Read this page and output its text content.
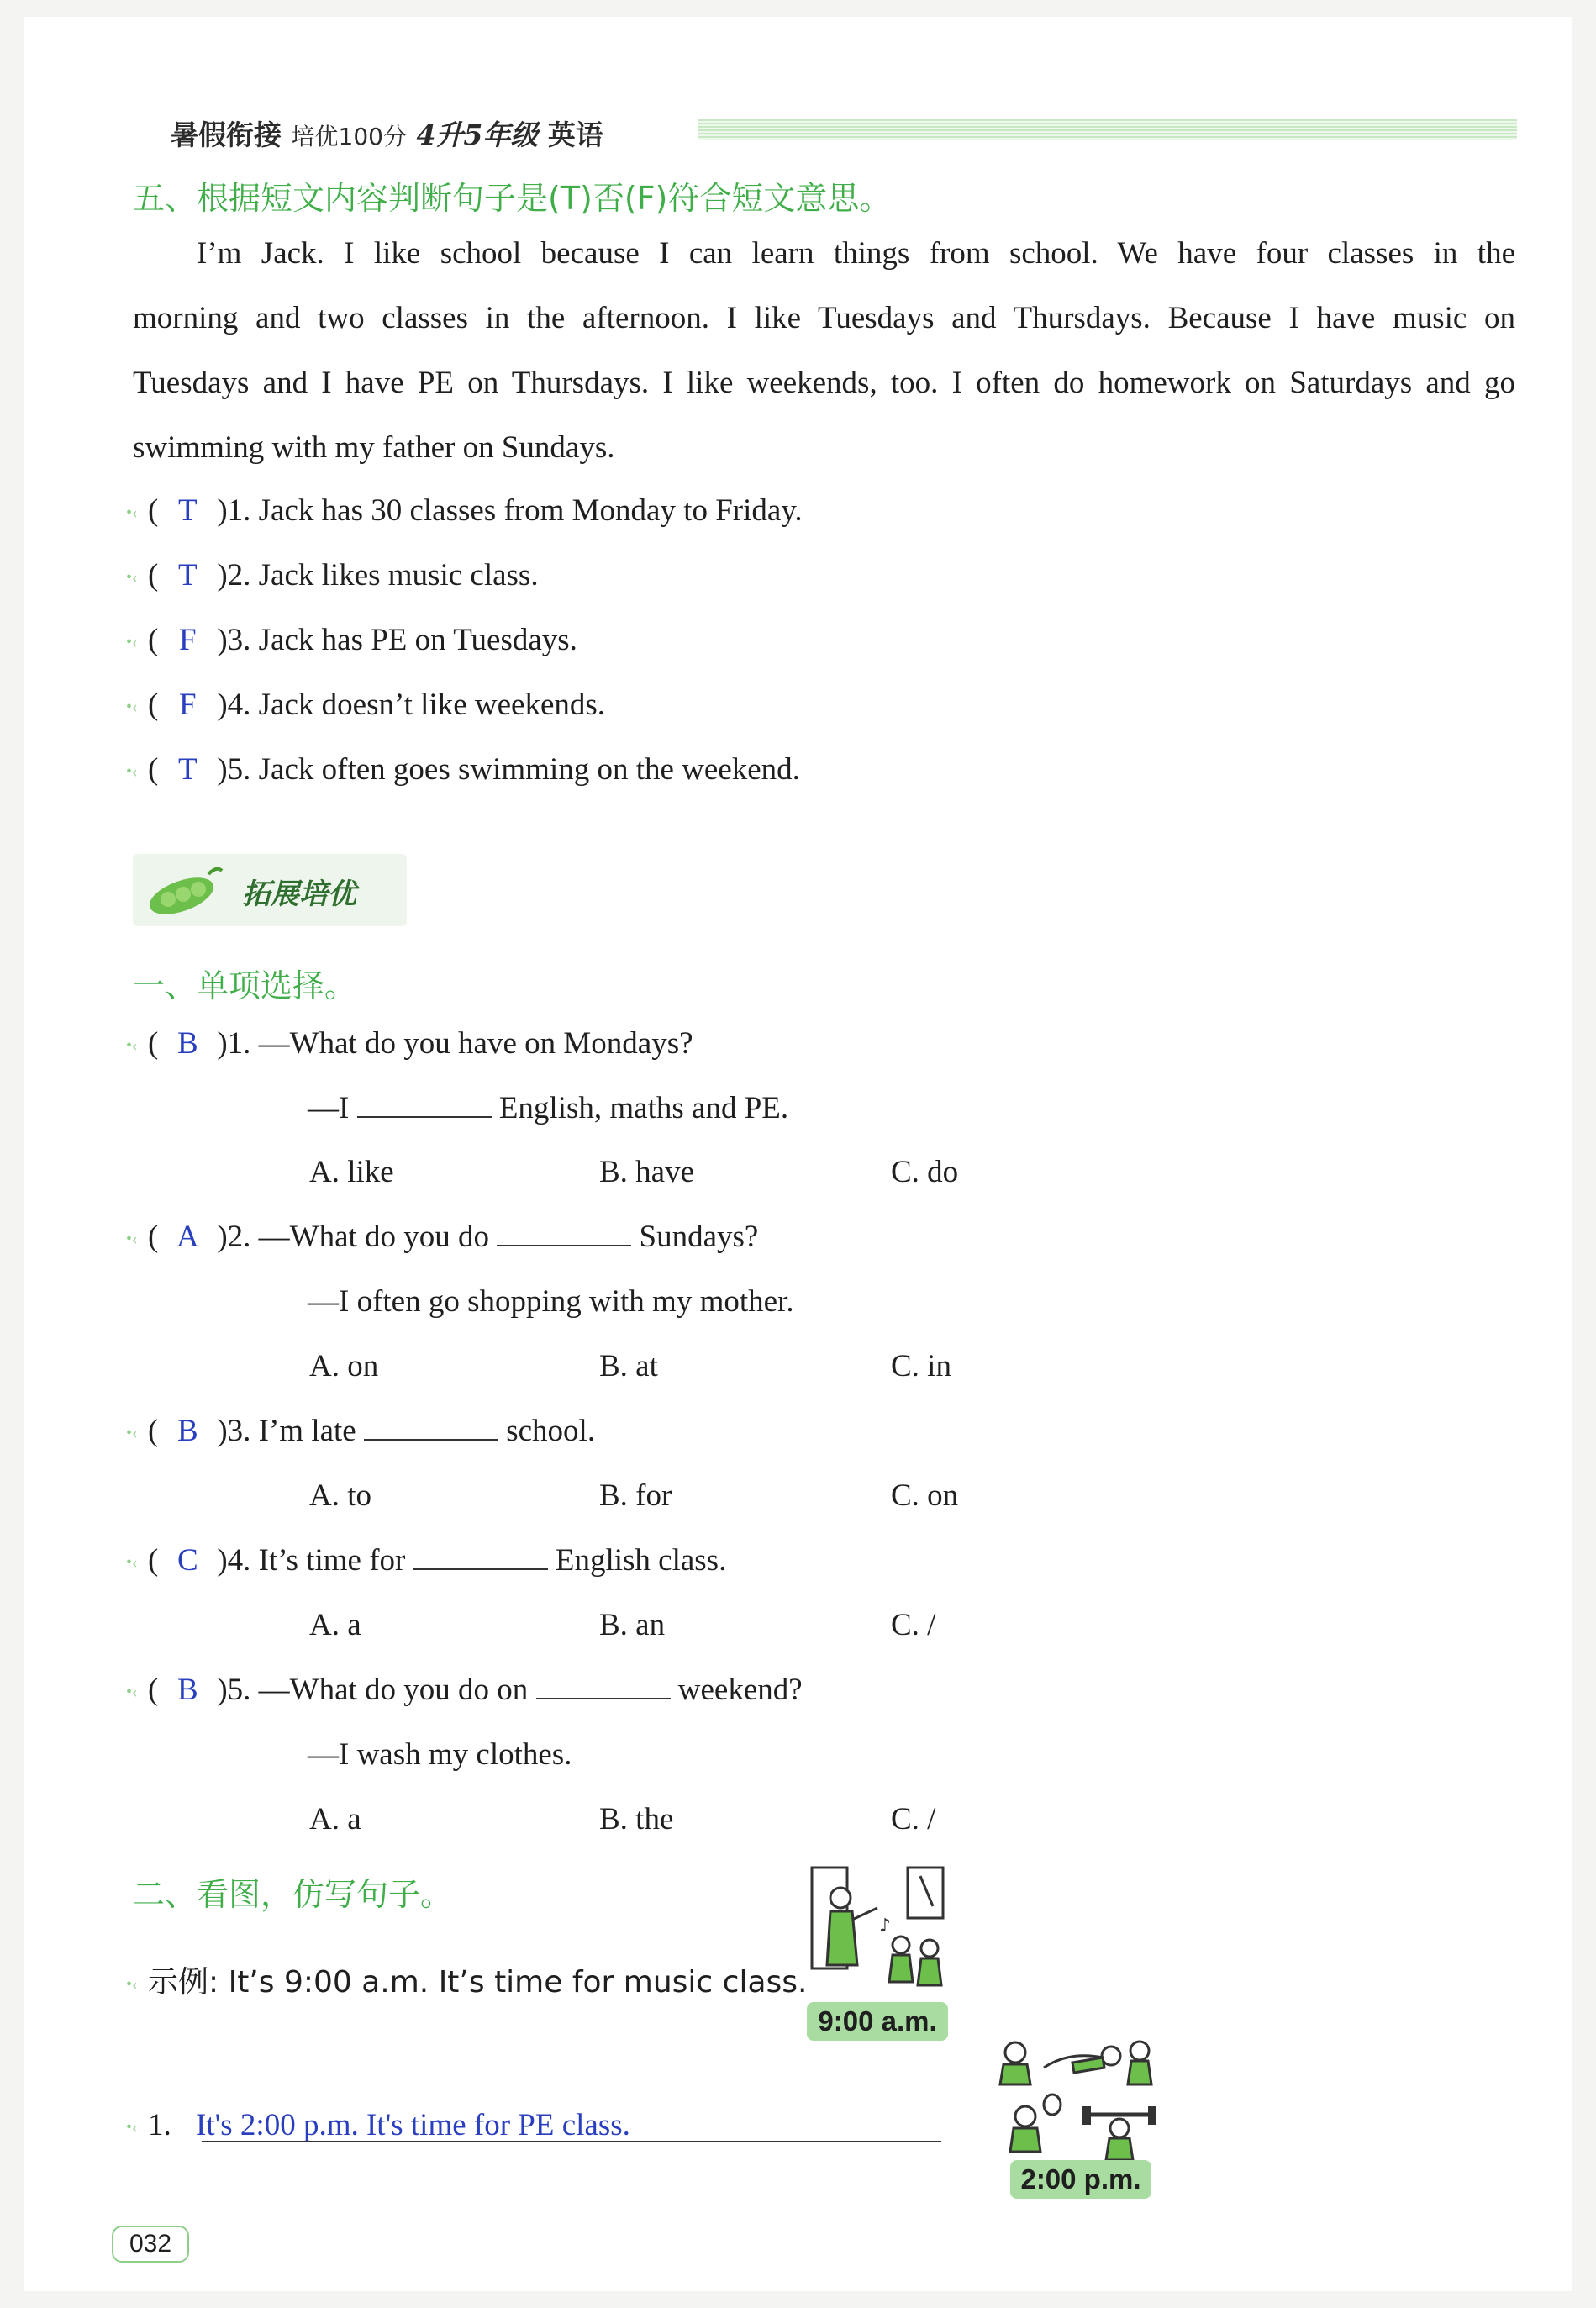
暑假衔接 培优100分 4升5年级 英语
五、根据短文内容判断句子是(T)否(F)符合短文意思。
I’m Jack. I like school because I can learn things from school. We have four classes in the
morning and two classes in the afternoon. I like Tuesdays and Thursdays. Because I have music on
Tuesdays and I have PE on Thursdays. I like weekends, too. I often do homework on Saturdays and go
swimming with my father on Sundays.
•‹ ( T )1. Jack has 30 classes from Monday to Friday.
•‹ ( T )2. Jack likes music class.
•‹ ( F )3. Jack has PE on Tuesdays.
•‹ ( F )4. Jack doesn’t like weekends.
•‹ ( T )5. Jack often goes swimming on the weekend.
拓展培优
一、单项选择。
•‹ ( B )1. —What do you have on Mondays?
—I	English, maths and PE.
A. like	B. have	C. do
•‹ ( A )2. —What do you do	Sundays?
—I often go shopping with my mother.
A. on	B. at	C. in
•‹ ( B )3. I’m late	school.
A. to	B. for	C. on
•‹ ( C )4. It’s time for	English class.
A. a	B. an	C. /
•‹ ( B )5. —What do you do on	weekend?
—I wash my clothes.
A. a	B. the	C. /
二、看图，仿写句子。
•‹ 示例: It’s 9:00 a.m. It’s time for music class.
♪
9:00 a.m.
2:00 p.m.
•‹ 1. It's 2:00 p.m. It's time for PE class.
032
